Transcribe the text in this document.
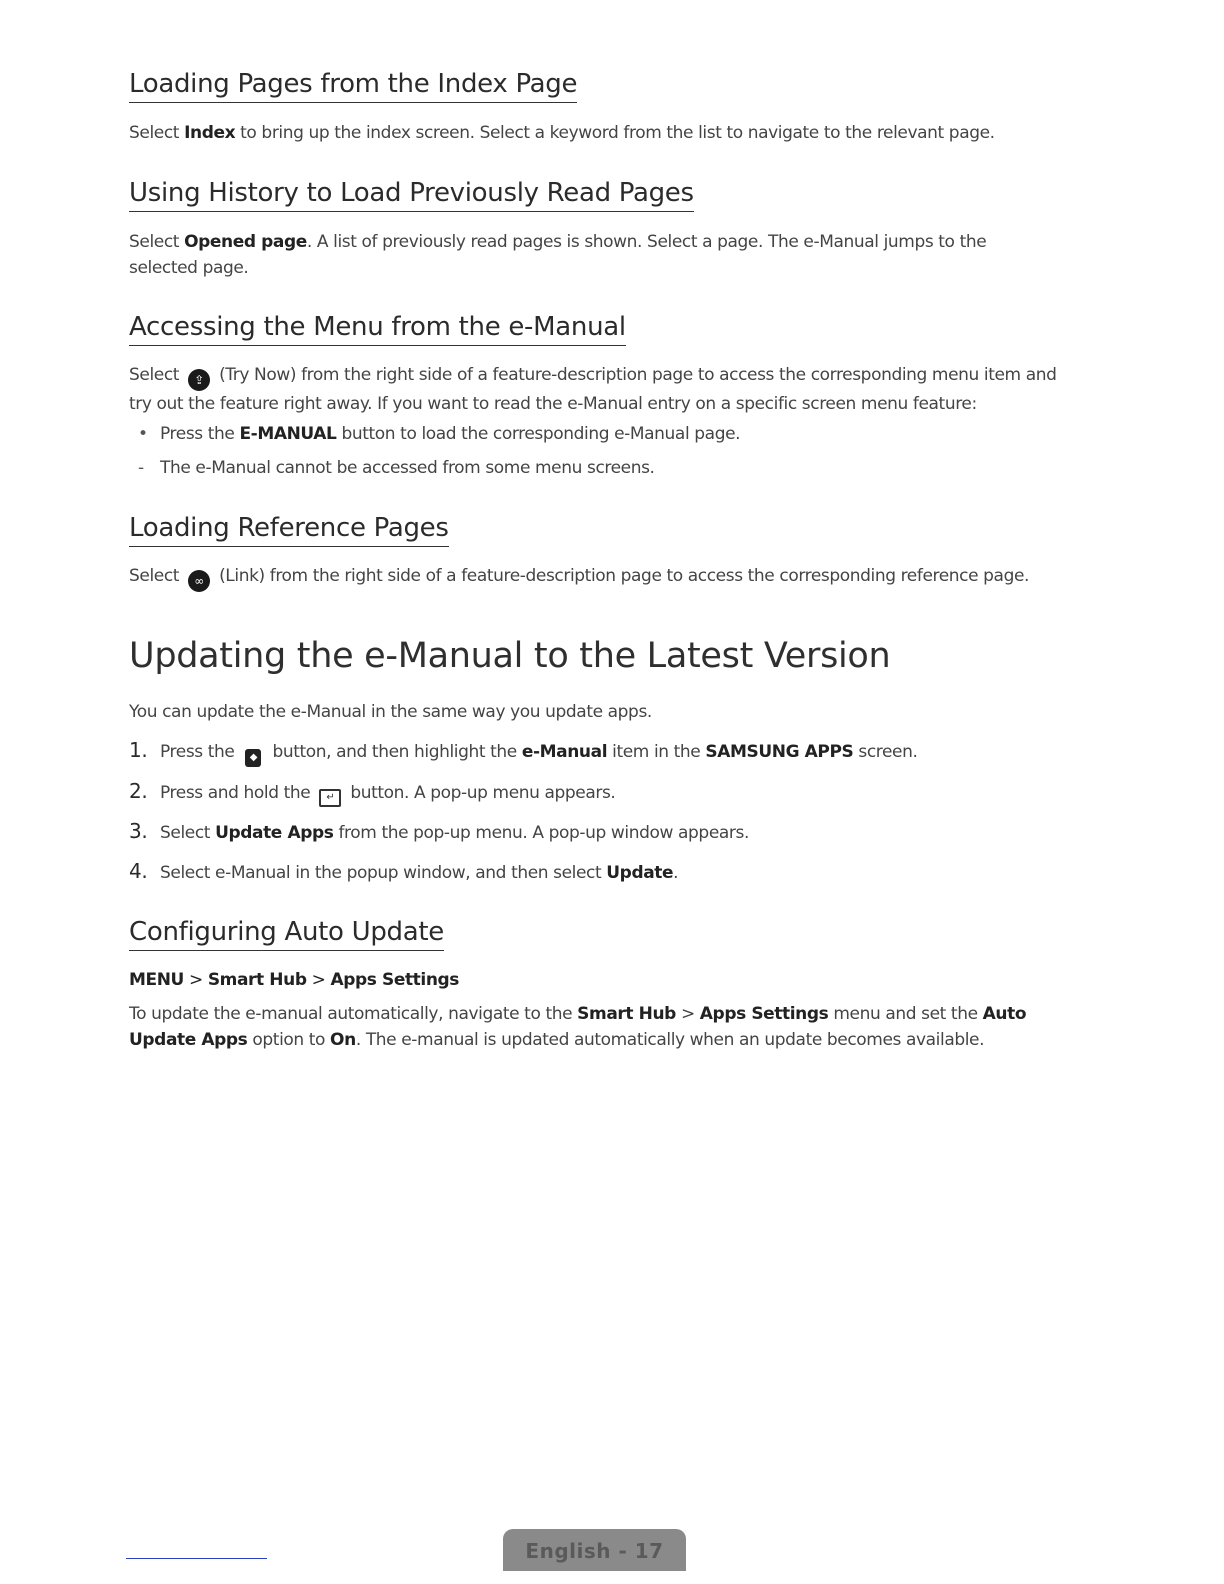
Loading Pages from the Index Page

Select Index to bring up the index screen. Select a keyword from the list to navigate to the relevant page.

Using History to Load Previously Read Pages

Select Opened page. A list of previously read pages is shown. Select a page. The e-Manual jumps to the selected page.

Accessing the Menu from the e-Manual

Select ⇪ (Try Now) from the right side of a feature-description page to access the corresponding menu item and try out the feature right away. If you want to read the e-Manual entry on a specific screen menu feature:

• Press the E-MANUAL button to load the corresponding e-Manual page.
- The e-Manual cannot be accessed from some menu screens.
Loading Reference Pages

Select ∞ (Link) from the right side of a feature-description page to access the corresponding reference page.

Updating the e-Manual to the Latest Version

You can update the e-Manual in the same way you update apps.

1. Press the ◆ button, and then highlight the e-Manual item in the SAMSUNG APPS screen.
2. Press and hold the ↵ button. A pop-up menu appears.
3. Select Update Apps from the pop-up menu. A pop-up window appears.
4. Select e-Manual in the popup window, and then select Update.
Configuring Auto Update
MENU > Smart Hub > Apps Settings

To update the e-manual automatically, navigate to the Smart Hub > Apps Settings menu and set the Auto Update Apps option to On. The e-manual is updated automatically when an update becomes available.

English - 17
